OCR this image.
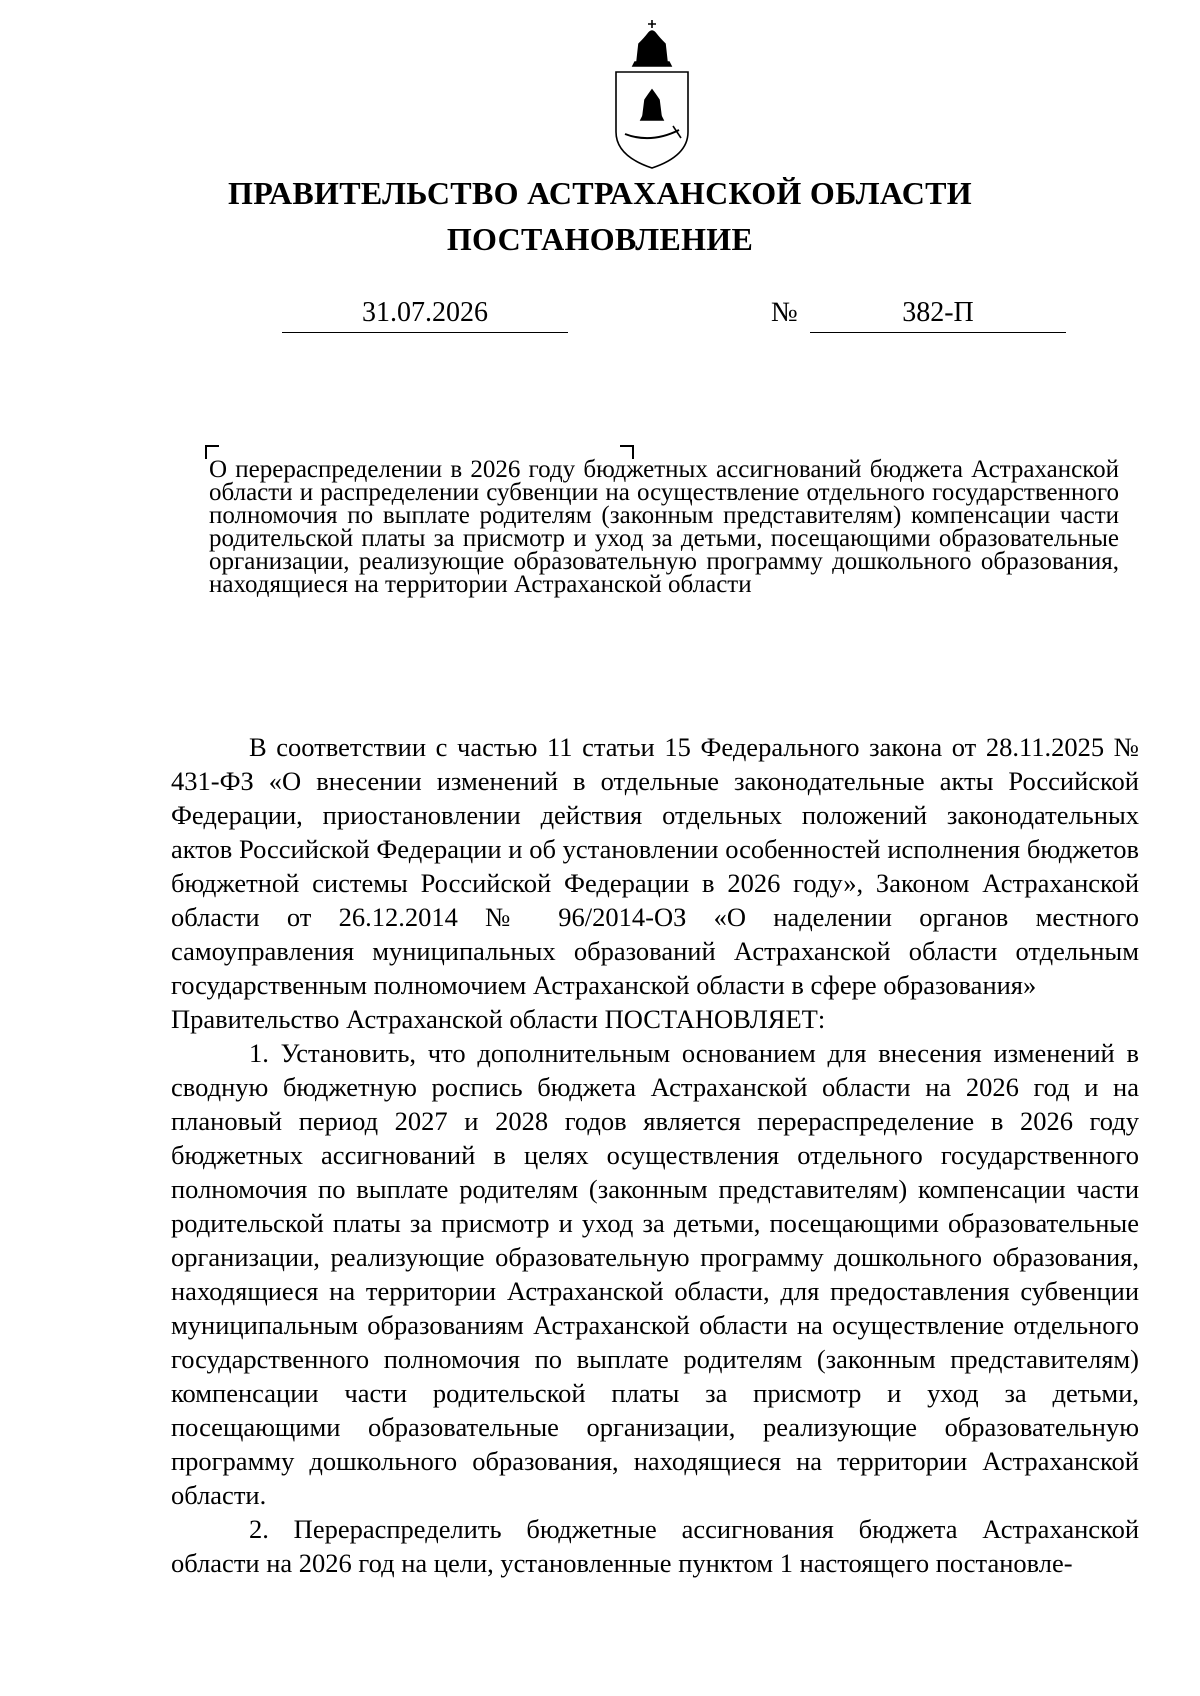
ПРАВИТЕЛЬСТВО АСТРАХАНСКОЙ ОБЛАСТИ
ПОСТАНОВЛЕНИЕ
31.07.2026	№	382-П
О перераспределении в 2026 году бюджетных ассигнований бюджета Астраханской области и распределении субвенции на осуществление отдельного государственного полномочия по выплате родителям (законным представителям) компенсации части родительской платы за присмотр и уход за детьми, посещающими образовательные организации, реализующие образовательную программу дошкольного образования, находящиеся на территории Астраханской области

В соответствии с частью 11 статьи 15 Федерального закона от 28.11.2025 № 431-ФЗ «О внесении изменений в отдельные законодательные акты Российской Федерации, приостановлении действия отдельных положений законодательных актов Российской Федерации и об установлении особенностей исполнения бюджетов бюджетной системы Российской Федерации в 2026 году», Законом Астраханской области от 26.12.2014 № 96/2014-ОЗ «О наделении органов местного самоуправления муниципальных образований Астраханской области отдельным государственным полномочием Астраханской области в сфере образования»

Правительство Астраханской области ПОСТАНОВЛЯЕТ:

1. Установить, что дополнительным основанием для внесения изменений в сводную бюджетную роспись бюджета Астраханской области на 2026 год и на плановый период 2027 и 2028 годов является перераспределение в 2026 году бюджетных ассигнований в целях осуществления отдельного государственного полномочия по выплате родителям (законным представителям) компенсации части родительской платы за присмотр и уход за детьми, посещающими образовательные организации, реализующие образовательную программу дошкольного образования, находящиеся на территории Астраханской области, для предоставления субвенции муниципальным образованиям Астраханской области на осуществление отдельного государственного полномочия по выплате родителям (законным представителям) компенсации части родительской платы за присмотр и уход за детьми, посещающими образовательные организации, реализующие образовательную программу дошкольного образования, находящиеся на территории Астраханской области.

2. Перераспределить бюджетные ассигнования бюджета Астраханской области на 2026 год на цели, установленные пунктом 1 настоящего постановле-
